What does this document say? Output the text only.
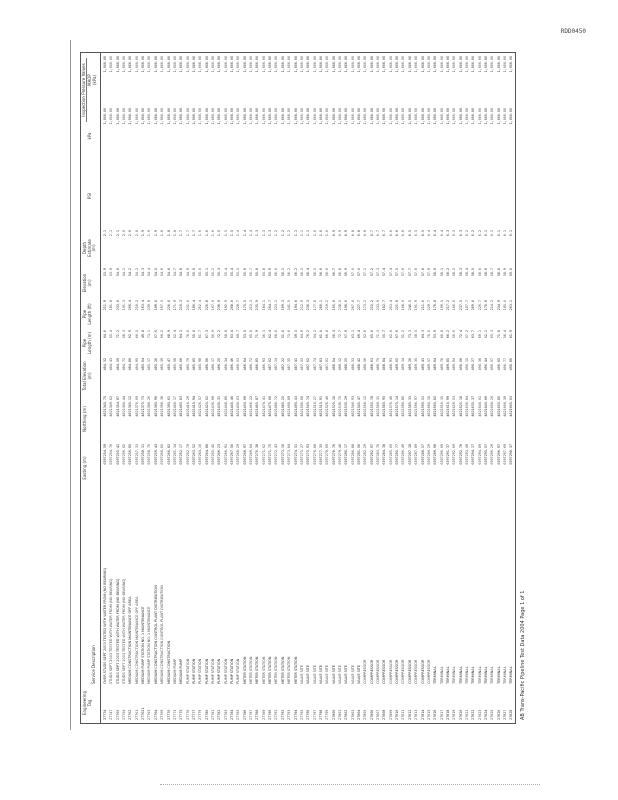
RDD0450
Inspection Pressure Values
Engineering
Tag
Service Description
Easting (m)
Northing (m)
Total Elevation
(m)
Pipe
Length (m)
Pipe
Length (ft)
Elevation
(m)
Depth
Estimate
(m)
PSI
kPa
MAOP
(kPa)
27774
OVER STUDS SEPT 2003 TESTED WITH WATER FROM (NO BEARING)
6397254.59
4821345.75
484.32
64.6
211.9
53.9
2.1
1,000.00
1,000.00
27747
STUDS SEPT 2003 TESTED WITH WATER FROM (NO BEARING)
6397254.76
4821349.62
484.43
55.4
181.8
53.9
2.1
1,000.00
1,000.00
27765
STUDS SEPT 2003 TESTED WITH WATER FROM (NO BEARING)
6397255.41
4821354.87
484.59
71.2
233.6
54.0
2.1
1,000.00
1,000.00
27754
STUDS SEPT 2003 TESTED WITH WATER FROM (NO BEARING)
6397256.02
4821360.44
484.71
58.3
191.3
54.1
2.0
1,000.00
1,000.00
27762
MEDIUM CONSTRUCTION MAINTENANCE OFF AREA
6397256.85
4821365.12
484.80
62.9
206.4
54.2
2.0
1,000.00
1,000.00
27761
MEDIUM CONSTRUCTION MAINTENANCE OFF AREA
6397257.33
4821370.09
484.95
66.5
218.2
54.2
2.0
1,000.00
1,000.00
277621
MEDIUM PUMP STATION NO. 1 MAINTENANCE
6397258.11
4821375.73
485.04
49.8
163.4
54.3
1.9
1,000.00
1,000.00
27763
MEDIUM PUMP STATION NO. 1 MAINTENANCE
6397258.70
4821380.26
485.17
73.1
239.8
54.4
1.9
1,000.00
1,000.00
27764
MEDIUM CONSTRUCTION CONTROL PLANT DISTRIBUTION
6397259.43
4821385.90
485.26
57.6
189.0
54.5
1.9
1,000.00
1,000.00
27769
MEDIUM CONSTRUCTION CONTROL PLANT DISTRIBUTION
6397260.05
4821390.38
485.39
60.2
197.5
54.6
1.8
1,000.00
1,000.00
27770
MEDIUM CONSTRUCTION
6397260.82
4821395.61
485.47
68.9
226.0
54.6
1.8
1,000.00
1,000.00
27773
MEDIUM PUMP
6397261.34
4821400.17
485.58
52.4
171.9
54.7
1.8
1,000.00
1,000.00
27775
MEDIUM PUMP
6397262.17
4821405.83
485.66
64.1
210.3
54.8
1.7
1,000.00
1,000.00
27776
PUMP STATION
6397262.79
4821410.29
485.79
70.6
231.6
54.9
1.7
1,000.00
1,000.00
27777
PUMP STATION
6397263.52
4821415.94
485.85
55.0
180.4
55.0
1.7
1,000.00
1,000.00
27779
PUMP STATION
6397264.10
4821420.57
485.98
61.7
202.4
55.0
1.6
1,000.00
1,000.00
27780
PUMP STATION
6397264.88
4821425.02
486.06
67.3
220.8
55.1
1.6
1,000.00
1,000.00
27781
PUMP STATION
6397265.45
4821430.68
486.17
50.9
167.0
55.2
1.6
1,000.00
1,000.00
27782
PUMP STATION
6397266.23
4821435.31
486.25
72.2
236.9
55.3
1.5
1,000.00
1,000.00
27783
PUMP STATION
6397266.91
4821440.86
486.34
58.8
192.9
55.4
1.5
1,000.00
1,000.00
27784
PUMP STATION
6397267.56
4821445.40
486.46
63.4
208.0
55.4
1.5
1,000.00
1,000.00
27785
PUMP STATION
6397268.29
4821450.03
486.53
69.7
228.7
55.5
1.4
1,000.00
1,000.00
27786
METER STATION
6397268.97
4821455.69
486.64
53.5
175.5
55.6
1.4
1,000.00
1,000.00
27787
METER STATION
6397269.64
4821460.22
486.72
65.0
213.3
55.7
1.4
1,000.00
1,000.00
27788
METER STATION
6397270.38
4821465.87
486.85
71.9
235.9
55.8
1.3
1,000.00
1,000.00
27789
METER STATION
6397271.02
4821470.41
486.93
56.1
184.1
55.8
1.3
1,000.00
1,000.00
27790
METER STATION
6397271.75
4821475.06
487.02
62.4
204.7
55.9
1.3
1,000.00
1,000.00
27791
METER STATION
6397272.43
4821480.72
487.14
68.0
223.1
56.0
1.2
1,000.00
1,000.00
27792
METER STATION
6397273.16
4821485.25
487.22
51.6
169.3
56.1
1.2
1,000.00
1,000.00
27793
METER STATION
6397273.84
4821490.89
487.35
73.6
241.5
56.2
1.2
1,000.00
1,000.00
27794
METER STATION
6397274.51
4821495.43
487.41
59.3
194.6
56.2
1.1
1,000.00
1,000.00
27795
VALVE SITE
6397275.27
4821500.08
487.53
64.9
212.9
56.3
1.1
1,000.00
1,000.00
27796
VALVE SITE
6397275.93
4821505.74
487.62
70.2
230.3
56.4
1.1
1,000.00
1,000.00
27797
VALVE SITE
6397276.68
4821510.27
487.74
54.2
177.8
56.5
1.0
1,000.00
1,000.00
27798
VALVE SITE
6397277.35
4821515.91
487.83
61.0
200.1
56.6
1.0
1,000.00
1,000.00
27799
VALVE SITE
6397278.09
4821520.46
487.91
66.8
219.2
56.6
1.0
1,000.00
1,000.00
27800
VALVE SITE
6397278.76
4821525.10
488.04
50.3
165.0
56.7
0.9
1,000.00
1,000.00
27801
VALVE SITE
6397279.48
4821530.75
488.12
72.7
238.5
56.8
0.9
1,000.00
1,000.00
27802
VALVE SITE
6397280.17
4821535.29
488.25
57.9
190.0
56.9
0.9
1,000.00
1,000.00
27803
VALVE SITE
6397280.88
4821540.93
488.33
63.1
207.0
57.0
0.8
1,000.00
1,000.00
27804
VALVE SITE
6397281.56
4821545.47
488.42
69.4
227.7
57.0
0.8
1,000.00
1,000.00
27805
COMPRESSOR
6397282.29
4821550.12
488.56
52.8
173.2
57.1
0.8
1,000.00
1,000.00
27806
COMPRESSOR
6397282.97
4821555.78
488.63
65.6
215.2
57.2
0.7
1,000.00
1,000.00
27807
COMPRESSOR
6397283.70
4821560.31
488.75
71.3
233.9
57.3
0.7
1,000.00
1,000.00
27808
COMPRESSOR
6397284.38
4821565.95
488.84
55.7
182.7
57.4
0.7
1,000.00
1,000.00
27809
COMPRESSOR
6397285.09
4821570.49
488.93
62.0
203.4
57.4
0.6
1,000.00
1,000.00
27810
COMPRESSOR
6397285.77
4821575.14
489.05
67.6
221.8
57.5
0.6
1,000.00
1,000.00
27811
COMPRESSOR
6397286.49
4821580.80
489.14
51.2
168.0
57.6
0.6
1,000.00
1,000.00
27812
COMPRESSOR
6397287.18
4821585.33
489.26
73.3
240.5
57.7
0.5
1,000.00
1,000.00
27813
COMPRESSOR
6397287.89
4821590.97
489.35
58.5
191.9
57.8
0.5
1,000.00
1,000.00
27814
COMPRESSOR
6397288.57
4821595.51
489.43
64.3
211.0
57.8
0.5
1,000.00
1,000.00
27815
COMPRESSOR
6397289.29
4821600.16
489.57
70.0
229.7
57.9
0.4
1,000.00
1,000.00
27816
TERMINAL
6397289.98
4821605.82
489.64
53.9
176.8
58.0
0.4
1,000.00
1,000.00
27817
TERMINAL
6397290.69
4821610.35
489.76
60.8
199.5
58.1
0.4
1,000.00
1,000.00
27818
TERMINAL
6397291.37
4821615.99
489.85
66.2
217.2
58.2
0.3
1,000.00
1,000.00
27819
TERMINAL
6397292.09
4821620.53
489.94
50.6
166.0
58.2
0.3
1,000.00
1,000.00
27820
TERMINAL
6397292.78
4821625.18
490.06
72.4
237.5
58.3
0.3
1,000.00
1,000.00
27821
TERMINAL
6397293.49
4821630.84
490.15
57.2
187.7
58.4
0.2
1,000.00
1,000.00
27822
TERMINAL
6397294.17
4821635.37
490.27
63.7
209.0
58.5
0.2
1,000.00
1,000.00
27823
TERMINAL
6397294.89
4821640.01
490.36
69.1
226.7
58.6
0.2
1,000.00
1,000.00
27824
TERMINAL
6397295.57
4821645.66
490.44
52.1
170.9
58.6
0.1
1,000.00
1,000.00
27825
TERMINAL
6397296.29
4821650.20
490.57
65.3
214.2
58.7
0.1
1,000.00
1,000.00
27826
TERMINAL
6397296.97
4821655.85
490.65
71.6
234.9
58.8
0.1
1,000.00
1,000.00
27827
TERMINAL
6397297.69
4821660.39
490.77
56.4
185.0
58.9
0.1
1,000.00
1,000.00
27828
TERMINAL
6397298.37
4821665.03
490.86
61.9
203.1
59.0
0.1
1,000.00
1,000.00
AB Trans-Pacific Pipeline Test Data 2004 Page 1 of 1
